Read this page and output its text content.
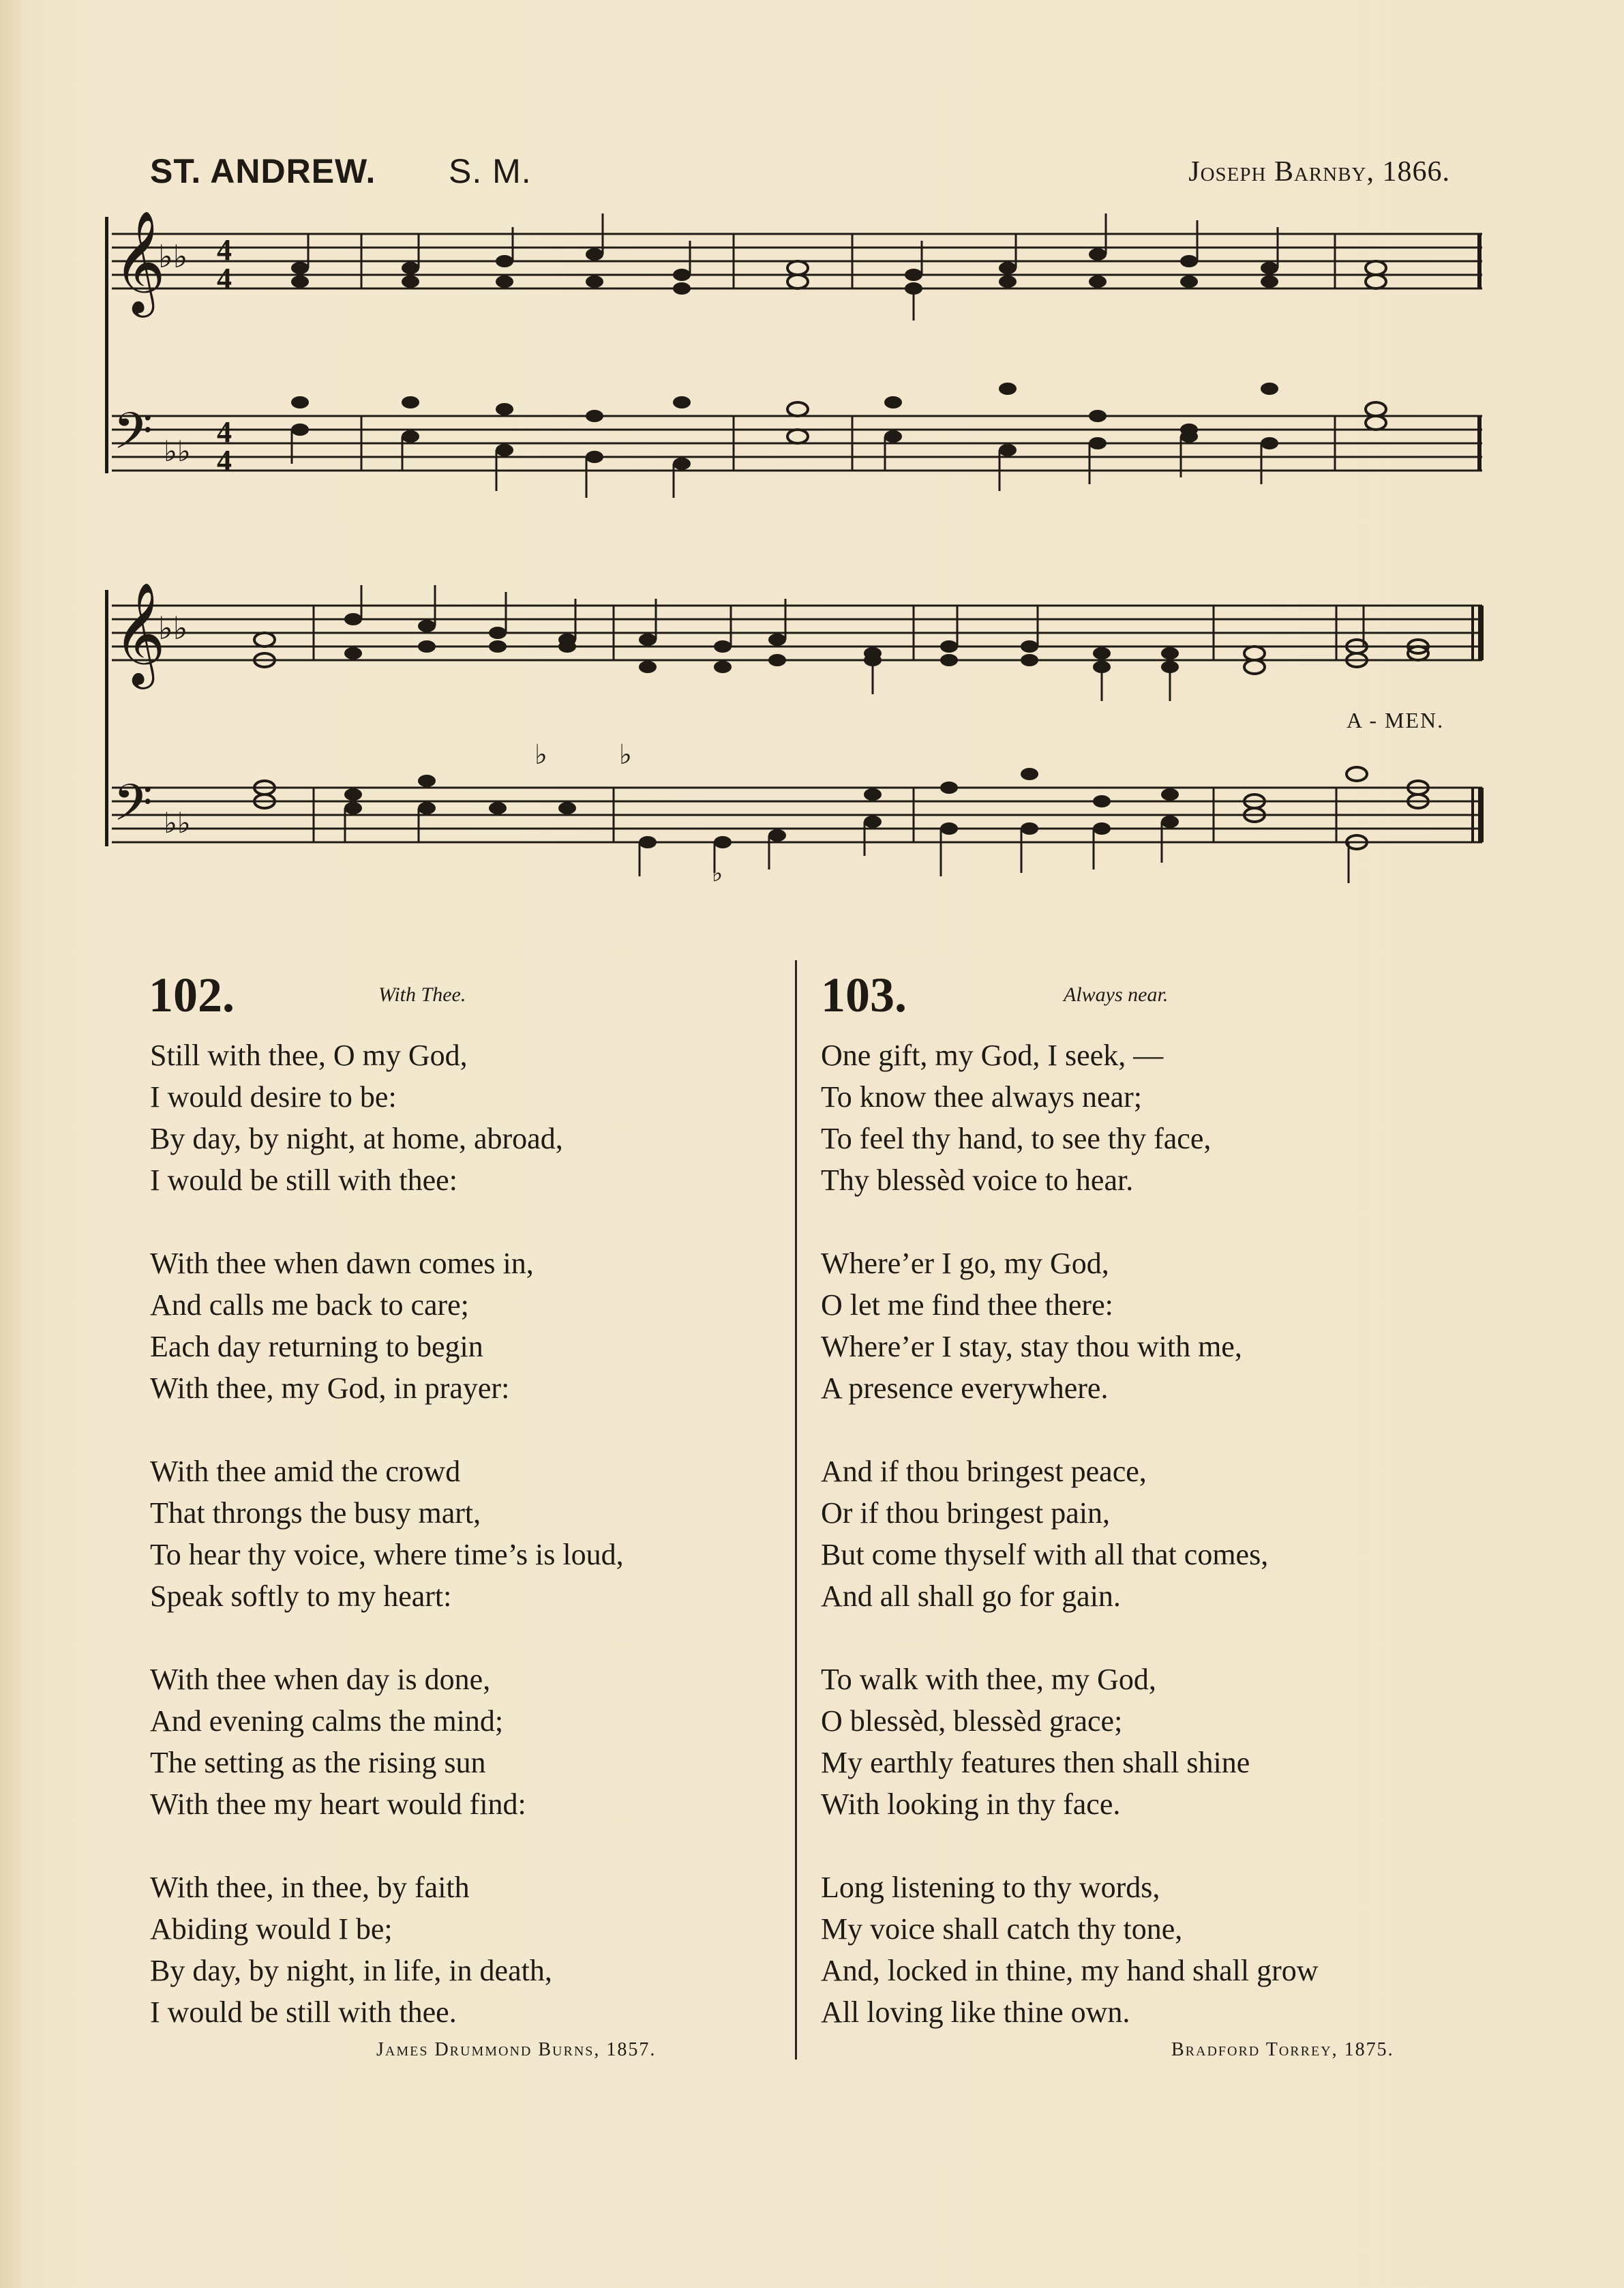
ST. ANDREW. S. M.	Joseph Barnby, 1866.
𝄞
𝄢
♭♭
♭♭
4
4
4
4
𝄞
𝄢
♭♭
♭♭
♭	♭
♭
A - MEN.
102.	With Thee.
Still with thee, O my God,
I would desire to be:
By day, by night, at home, abroad,
I would be still with thee:
With thee when dawn comes in,
And calls me back to care;
Each day returning to begin
With thee, my God, in prayer:
With thee amid the crowd
That throngs the busy mart,
To hear thy voice, where time’s is loud,
Speak softly to my heart:
With thee when day is done,
And evening calms the mind;
The setting as the rising sun
With thee my heart would find:
With thee, in thee, by faith
Abiding would I be;
By day, by night, in life, in death,
I would be still with thee.
James Drummond Burns, 1857.
103.	Always near.
One gift, my God, I seek, —
To know thee always near;
To feel thy hand, to see thy face,
Thy blessèd voice to hear.
Where’er I go, my God,
O let me find thee there:
Where’er I stay, stay thou with me,
A presence everywhere.
And if thou bringest peace,
Or if thou bringest pain,
But come thyself with all that comes,
And all shall go for gain.
To walk with thee, my God,
O blessèd, blessèd grace;
My earthly features then shall shine
With looking in thy face.
Long listening to thy words,
My voice shall catch thy tone,
And, locked in thine, my hand shall grow
All loving like thine own.
Bradford Torrey, 1875.
